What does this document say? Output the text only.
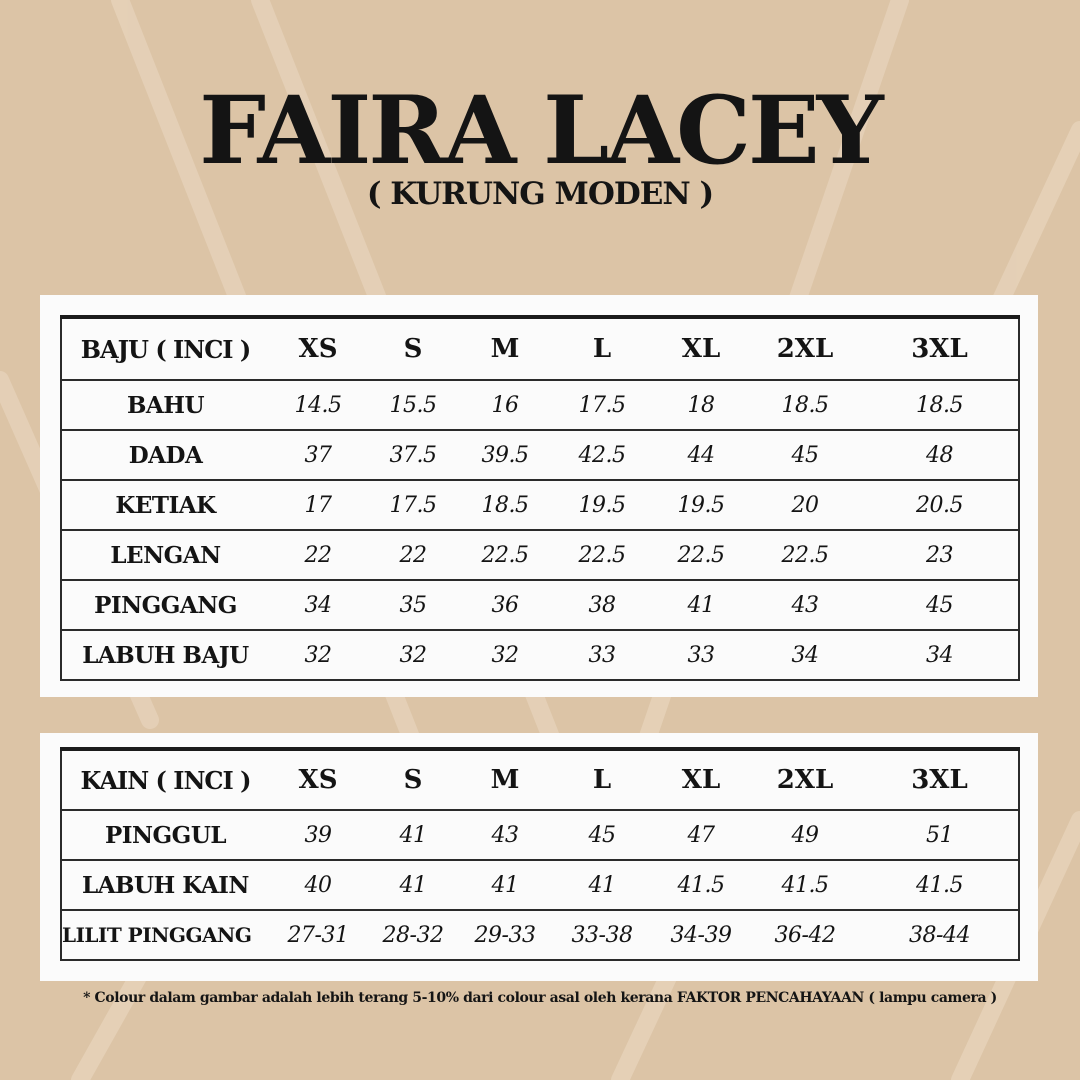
FAIRA LACEY
( KURUNG MODEN )
BAJU ( INCI )	XS	S	M	L	XL	2XL	3XL
BAHU	14.5	15.5	16	17.5	18	18.5	18.5
DADA	37	37.5	39.5	42.5	44	45	48
KETIAK	17	17.5	18.5	19.5	19.5	20	20.5
LENGAN	22	22	22.5	22.5	22.5	22.5	23
PINGGANG	34	35	36	38	41	43	45
LABUH BAJU	32	32	32	33	33	34	34
KAIN ( INCI )	XS	S	M	L	XL	2XL	3XL
PINGGUL	39	41	43	45	47	49	51
LABUH KAIN	40	41	41	41	41.5	41.5	41.5
LILIT PINGGANG	27-31	28-32	29-33	33-38	34-39	36-42	38-44
* Colour dalam gambar adalah lebih terang 5-10% dari colour asal oleh kerana FAKTOR PENCAHAYAAN ( lampu camera )
